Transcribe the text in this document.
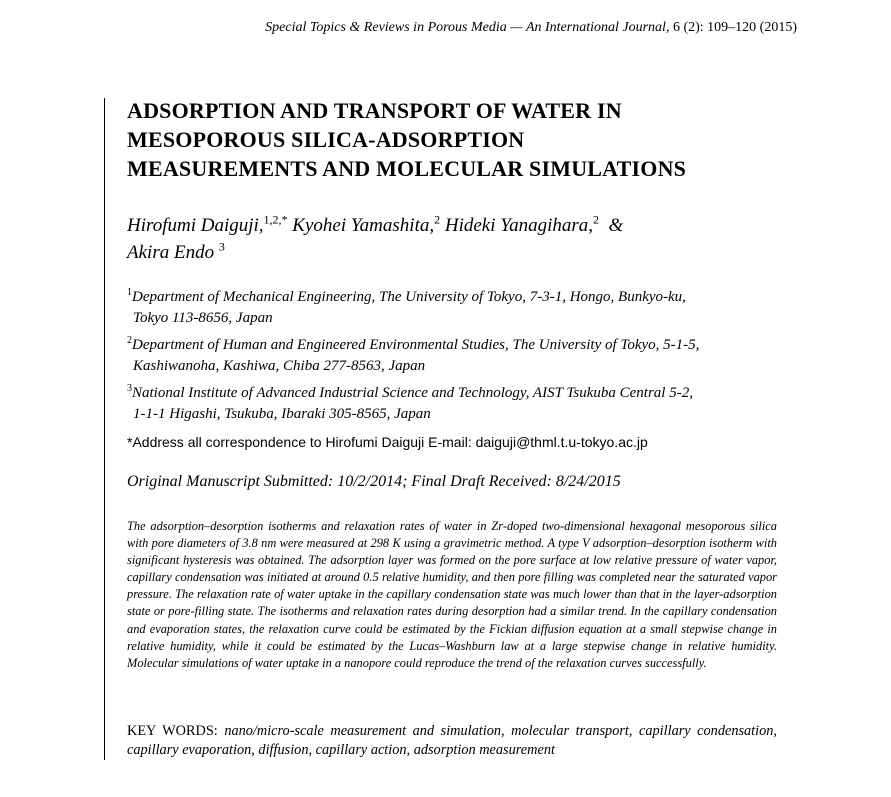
Special Topics & Reviews in Porous Media — An International Journal, 6 (2): 109–120 (2015)
ADSORPTION AND TRANSPORT OF WATER IN
MESOPOROUS SILICA-ADSORPTION
MEASUREMENTS AND MOLECULAR SIMULATIONS
Hirofumi Daiguji,$^{1,2,*}$ Kyohei Yamashita,$^2$ Hideki Yanagihara,$^2$ &
Akira Endo $^3$
$^1$Department of Mechanical Engineering, The University of Tokyo, 7-3-1, Hongo, Bunkyo-ku,
Tokyo 113-8656, Japan
$^2$Department of Human and Engineered Environmental Studies, The University of Tokyo, 5-1-5,
Kashiwanoha, Kashiwa, Chiba 277-8563, Japan
$^3$National Institute of Advanced Industrial Science and Technology, AIST Tsukuba Central 5-2,
1-1-1 Higashi, Tsukuba, Ibaraki 305-8565, Japan
*Address all correspondence to Hirofumi Daiguji E-mail: daiguji@thml.t.u-tokyo.ac.jp
Original Manuscript Submitted: 10/2/2014; Final Draft Received: 8/24/2015
The adsorption–desorption isotherms and relaxation rates of water in Zr-doped two-dimensional hexagonal mesoporous silica with pore diameters of 3.8 nm were measured at 298 K using a gravimetric method. A type V adsorption–desorption isotherm with significant hysteresis was obtained. The adsorption layer was formed on the pore surface at low relative pressure of water vapor, capillary condensation was initiated at around 0.5 relative humidity, and then pore filling was completed near the saturated vapor pressure. The relaxation rate of water uptake in the capillary condensation state was much lower than that in the layer-adsorption state or pore-filling state. The isotherms and relaxation rates during desorption had a similar trend. In the capillary condensation and evaporation states, the relaxation curve could be estimated by the Fickian diffusion equation at a small stepwise change in relative humidity, while it could be estimated by the Lucas–Washburn law at a large stepwise change in relative humidity. Molecular simulations of water uptake in a nanopore could reproduce the trend of the relaxation curves successfully.
KEY WORDS: nano/micro-scale measurement and simulation, molecular transport, capillary condensation, capillary evaporation, diffusion, capillary action, adsorption measurement
